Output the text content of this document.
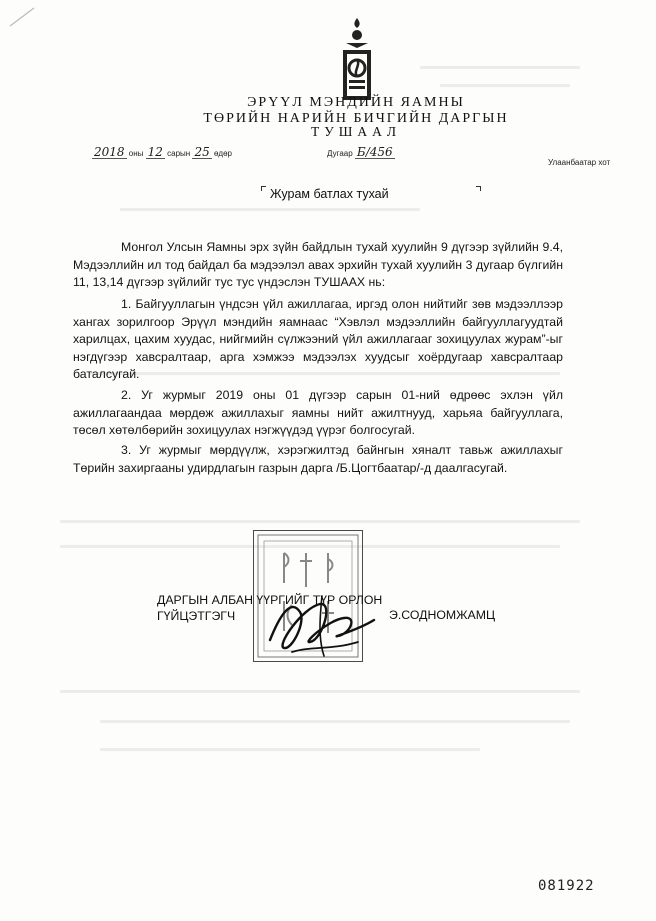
ЭРҮҮЛ МЭНДИЙН ЯАМНЫ
ТӨРИЙН НАРИЙН БИЧГИЙН ДАРГЫН
ТУШААЛ
2018 оны 12 сарын 25 өдөр	Дугаар Б/456
Улаанбаатар хот
Журам батлах тухай
Монгол Улсын Яамны эрх зүйн байдлын тухай хуулийн 9 дүгээр зүйлийн 9.4, Мэдээллийн ил тод байдал ба мэдээлэл авах эрхийн тухай хуулийн 3 дугаар бүлгийн 11, 13,14 дүгээр зүйлийг тус тус үндэслэн ТУШААХ нь:
1. Байгууллагын үндсэн үйл ажиллагаа, иргэд олон нийтийг зөв мэдээллээр хангах зорилгоор Эрүүл мэндийн яамнаас “Хэвлэл мэдээллийн байгууллагуудтай харилцах, цахим хуудас, нийгмийн сүлжээний үйл ажиллагааг зохицуулах журам”-ыг нэгдүгээр хавсралтаар, арга хэмжээ мэдээлэх хуудсыг хоёрдугаар хавсралтаар баталсугай.
2. Уг журмыг 2019 оны 01 дүгээр сарын 01-ний өдрөөс эхлэн үйл ажиллагаандаа мөрдөж ажиллахыг яамны нийт ажилтнууд, харьяа байгууллага, төсөл хөтөлбөрийн зохицуулах нэгжүүдэд үүрэг болгосугай.
3. Уг журмыг мөрдүүлж, хэрэгжилтэд байнгын хяналт тавьж ажиллахыг Төрийн захиргааны удирдлагын газрын дарга /Б.Цогтбаатар/-д даалгасугай.
ДАРГЫН АЛБАН ҮҮРГИЙГ ТҮР ОРЛОН
ГҮЙЦЭТГЭГЧ	Э.СОДНОМЖАМЦ
081922
